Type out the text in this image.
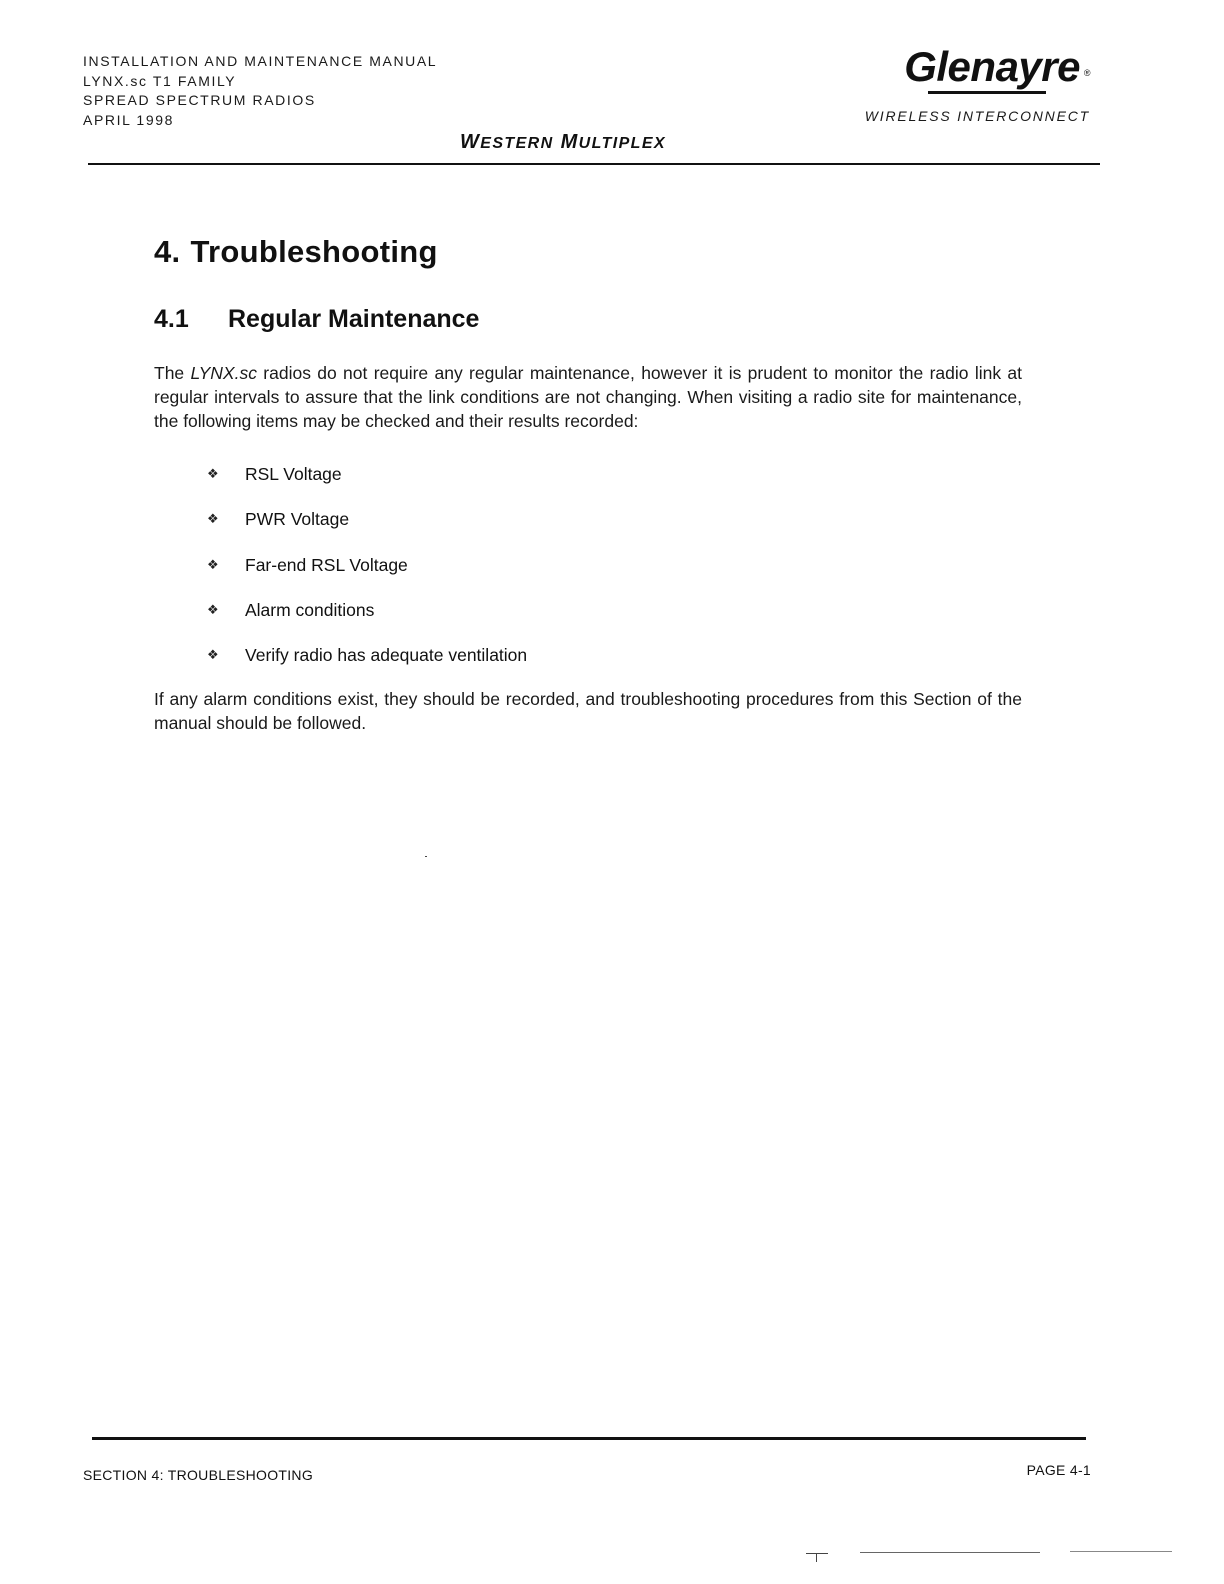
INSTALLATION AND MAINTENANCE MANUAL
LYNX.sc T1 FAMILY
SPREAD SPECTRUM RADIOS
APRIL 1998
Glenayre ®
WIRELESS INTERCONNECT
WESTERN MULTIPLEX
4. Troubleshooting
4.1 Regular Maintenance

The LYNX.sc radios do not require any regular maintenance, however it is prudent to monitor the radio link at regular intervals to assure that the link conditions are not changing. When visiting a radio site for maintenance, the following items may be checked and their results recorded:

❖	RSL Voltage
❖	PWR Voltage
❖	Far-end RSL Voltage
❖	Alarm conditions
❖	Verify radio has adequate ventilation

If any alarm conditions exist, they should be recorded, and troubleshooting procedures from this Section of the manual should be followed.

SECTION 4: TROUBLESHOOTING	PAGE 4-1
